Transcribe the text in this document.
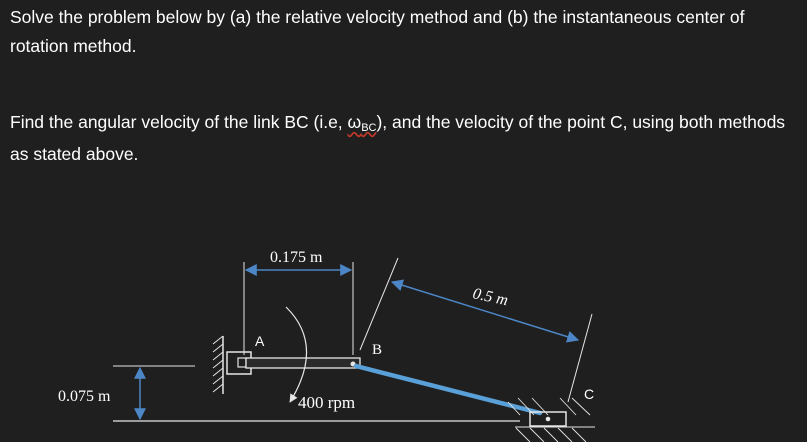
Solve the problem below by (a) the relative velocity method and (b) the instantaneous center of rotation method.

Find the angular velocity of the link BC (i.e, ωBC), and the velocity of the point C, using both methods as stated above.

0.075 m
0.175 m
A
400 rpm
B
0.5 m
C
